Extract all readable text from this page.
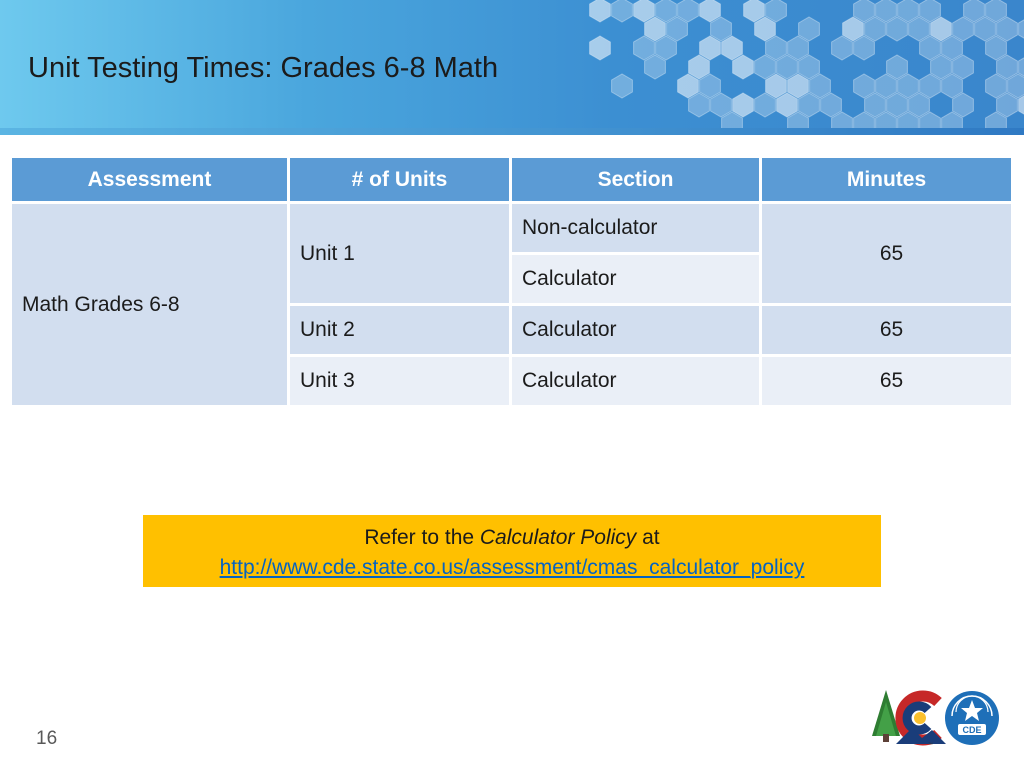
Unit Testing Times: Grades 6-8 Math
Assessment	# of Units	Section	Minutes
Math Grades 6-8	Unit 1	Non-calculator	65
		Calculator	
	Unit 2	Calculator	65
	Unit 3	Calculator	65
Refer to the Calculator Policy at
http://www.cde.state.co.us/assessment/cmas_calculator_policy
16	™
CDE
